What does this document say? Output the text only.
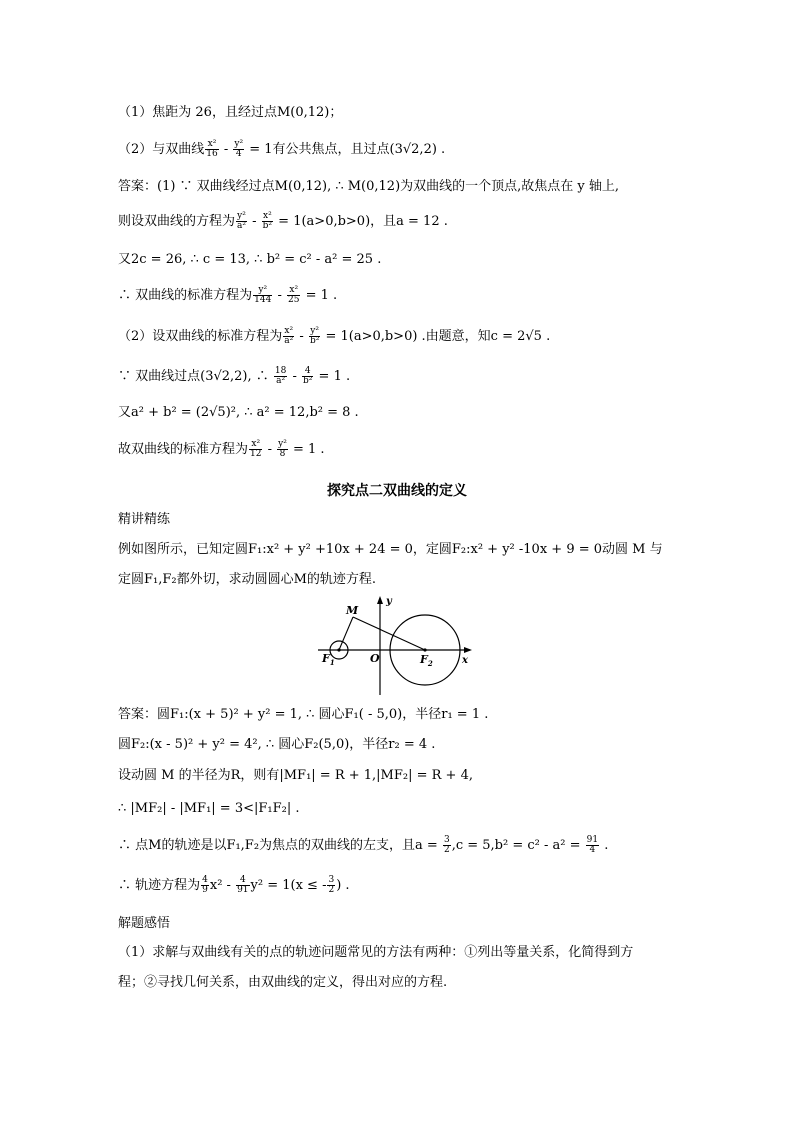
（1）焦距为 26，且经过点M(0,12)；
（2）与双曲线 $\frac{\text{x²}}{16} - \frac{\text{y²}}{4} = 1$有公共焦点，且过点(3√2,2) .
答案：(1) ∵ 双曲线经过点M(0,12), ∴ M(0,12)为双曲线的一个顶点,故焦点在 y 轴上,
则设双曲线的方程为 $\frac{\text{y²}}{\text{a²}} - \frac{\text{x²}}{\text{b²}} = 1(a>0,b>0)$，且a = 12 .
又2c = 26, ∴ c = 13, ∴ b² = c² - a² = 25 .
∴ 双曲线的标准方程为 $\frac{\text{y²}}{144} - \frac{\text{x²}}{25} = 1$ .
（2）设双曲线的标准方程为 $\frac{\text{x²}}{\text{a²}} - \frac{\text{y²}}{\text{b²}} = 1(a>0,b>0)$ .由题意，知c = 2√5 .
∵ 双曲线过点(3√2,2), ∴ $\frac{18}{\text{a²}} - \frac{4}{\text{b²}} = 1$ .
又a² + b² = (2√5)², ∴ a² = 12,b² = 8 .
故双曲线的标准方程为 $\frac{\text{x²}}{12} - \frac{\text{y²}}{8} = 1$ .
探究点二双曲线的定义
精讲精练
例如图所示，已知定圆F₁:x² + y² +10x + 24 = 0，定圆F₂:x² + y² -10x + 9 = 0动圆 M 与
定圆F₁,F₂都外切，求动圆圆心M的轨迹方程.
M
y
$F_1$	O	$F_2$	x
答案：圆F₁:(x + 5)² + y² = 1, ∴ 圆心F₁( - 5,0)，半径r₁ = 1 .
圆F₂:(x - 5)² + y² = 4², ∴ 圆心F₂(5,0)，半径r₂ = 4 .
设动圆 M 的半径为R，则有|MF₁| = R + 1,|MF₂| = R + 4,
∴ |MF₂| - |MF₁| = 3<|F₁F₂| .
∴ 点M的轨迹是以F₁,F₂为焦点的双曲线的左支，且$a = \frac{3}{2} ,c = 5,b^2 = c^2 - a^2 = \frac{91}{4}$ .
∴ 轨迹方程为 $\frac{4}{9} x^2 - \frac{4}{91} y^2 = 1(x$ ≤ - $\frac{3}{2}$ ) .
解题感悟
（1）求解与双曲线有关的点的轨迹问题常见的方法有两种：①列出等量关系，化简得到方
程；②寻找几何关系，由双曲线的定义，得出对应的方程.
